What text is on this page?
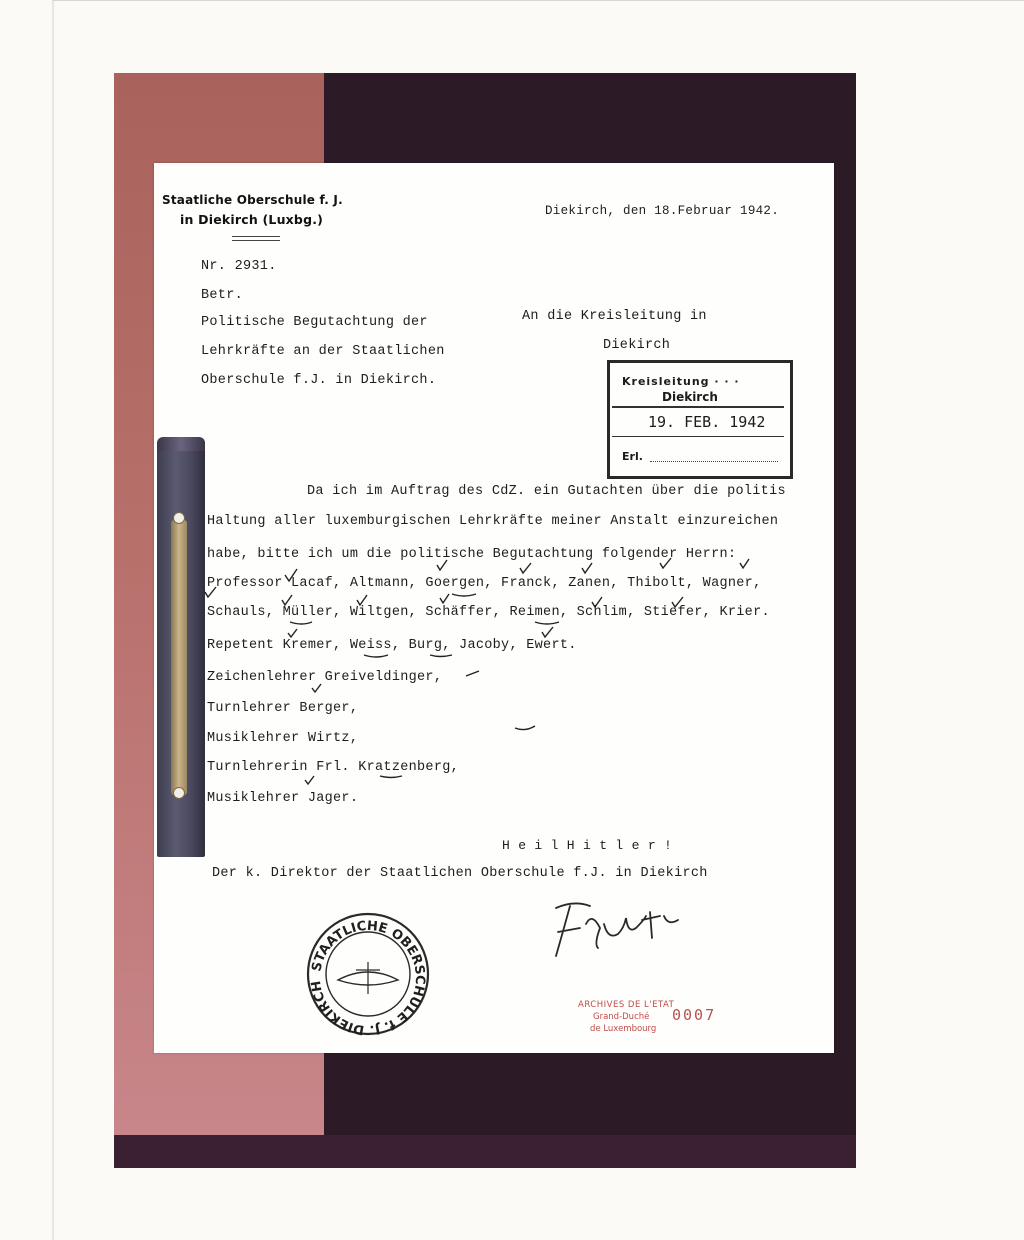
Staatliche Oberschule f. J.
in Diekirch (Luxbg.)
Diekirch, den 18.Februar 1942.
Nr. 2931.
Betr.
Politische Begutachtung der
Lehrkräfte an der Staatlichen
Oberschule f.J. in Diekirch.
An die Kreisleitung in
Diekirch
Kreisleitung · · ·
Diekirch
19. FEB. 1942
Erl.
Da ich im Auftrag des CdZ. ein Gutachten über die politis
Haltung aller luxemburgischen Lehrkräfte meiner Anstalt einzureichen
habe, bitte ich um die politische Begutachtung folgender Herrn:
Professor Lacaf, Altmann, Goergen, Franck, Zanen, Thibolt, Wagner,
Schauls, Müller, Wiltgen, Schäffer, Reimen, Schlim, Stiefer, Krier.
Repetent Kremer, Weiss, Burg, Jacoby, Ewert.
Zeichenlehrer Greiveldinger,
Turnlehrer Berger,
Musiklehrer Wirtz,
Turnlehrerin Frl. Kratzenberg,
Musiklehrer Jager.
H e i l H i t l e r !
Der k. Direktor der Staatlichen Oberschule f.J. in Diekirch
STAATLICHE OBERSCHULE f. J. DIEKIRCH
ARCHIVES DE L'ETAT
Grand-Duché
de Luxembourg
0007
